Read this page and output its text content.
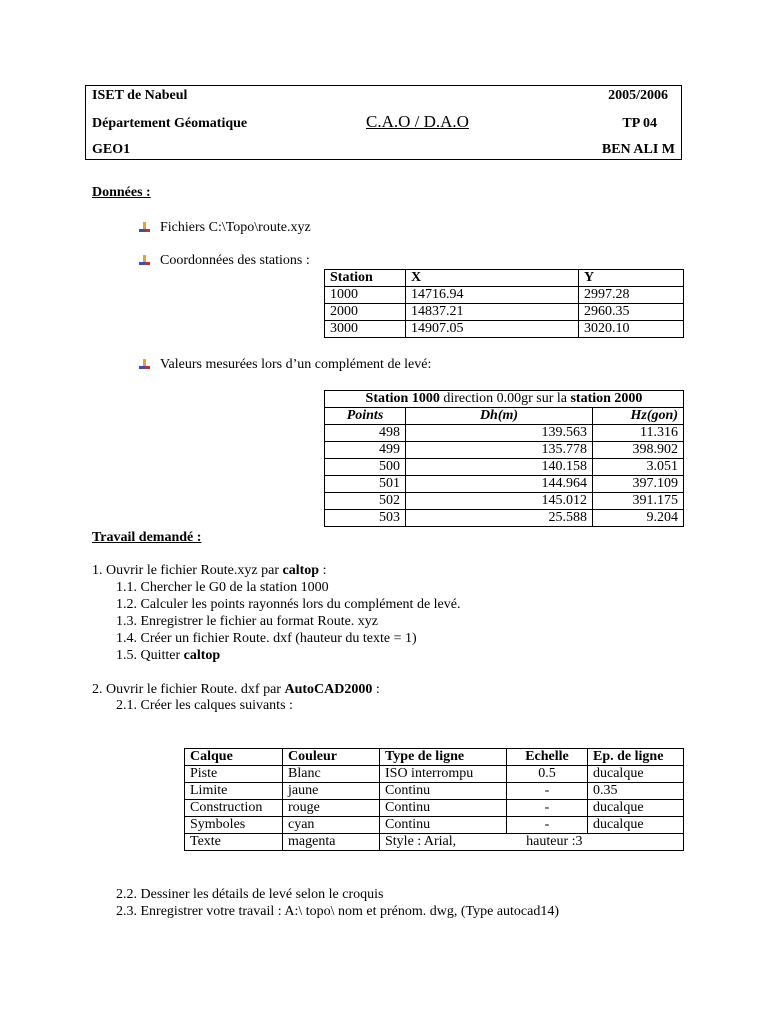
ISET de Nabeul	2005/2006
Département Géomatique	C.A.O / D.A.O	TP 04
GEO1	BEN ALI M
Données :
Fichiers C:\Topo\route.xyz
Coordonnées des stations :
Station	X	Y
1000	14716.94	2997.28
2000	14837.21	2960.35
3000	14907.05	3020.10
Valeurs mesurées lors d’un complément de levé:
Station 1000 direction 0.00gr sur la station 2000		
Points	Dh(m)	Hz(gon)
498	139.563	11.316
499	135.778	398.902
500	140.158	3.051
501	144.964	397.109
502	145.012	391.175
503	25.588	9.204
Travail demandé :
1. Ouvrir le fichier Route.xyz par caltop :
1.1. Chercher le G0 de la station 1000
1.2. Calculer les points rayonnés lors du complément de levé.
1.3. Enregistrer le fichier au format Route. xyz
1.4. Créer un fichier Route. dxf (hauteur du texte = 1)
1.5. Quitter caltop
2. Ouvrir le fichier Route. dxf par AutoCAD2000 :
2.1. Créer les calques suivants :
Calque	Couleur	Type de ligne	Echelle	Ep. de ligne
Piste	Blanc	ISO interrompu	0.5	ducalque
Limite	jaune	Continu	-	0.35
Construction	rouge	Continu	-	ducalque
Symboles	cyan	Continu	-	ducalque
Texte	magenta	Style : Arial, hauteur :3		
2.2. Dessiner les détails de levé selon le croquis
2.3. Enregistrer votre travail : A:\ topo\ nom et prénom. dwg, (Type autocad14)
